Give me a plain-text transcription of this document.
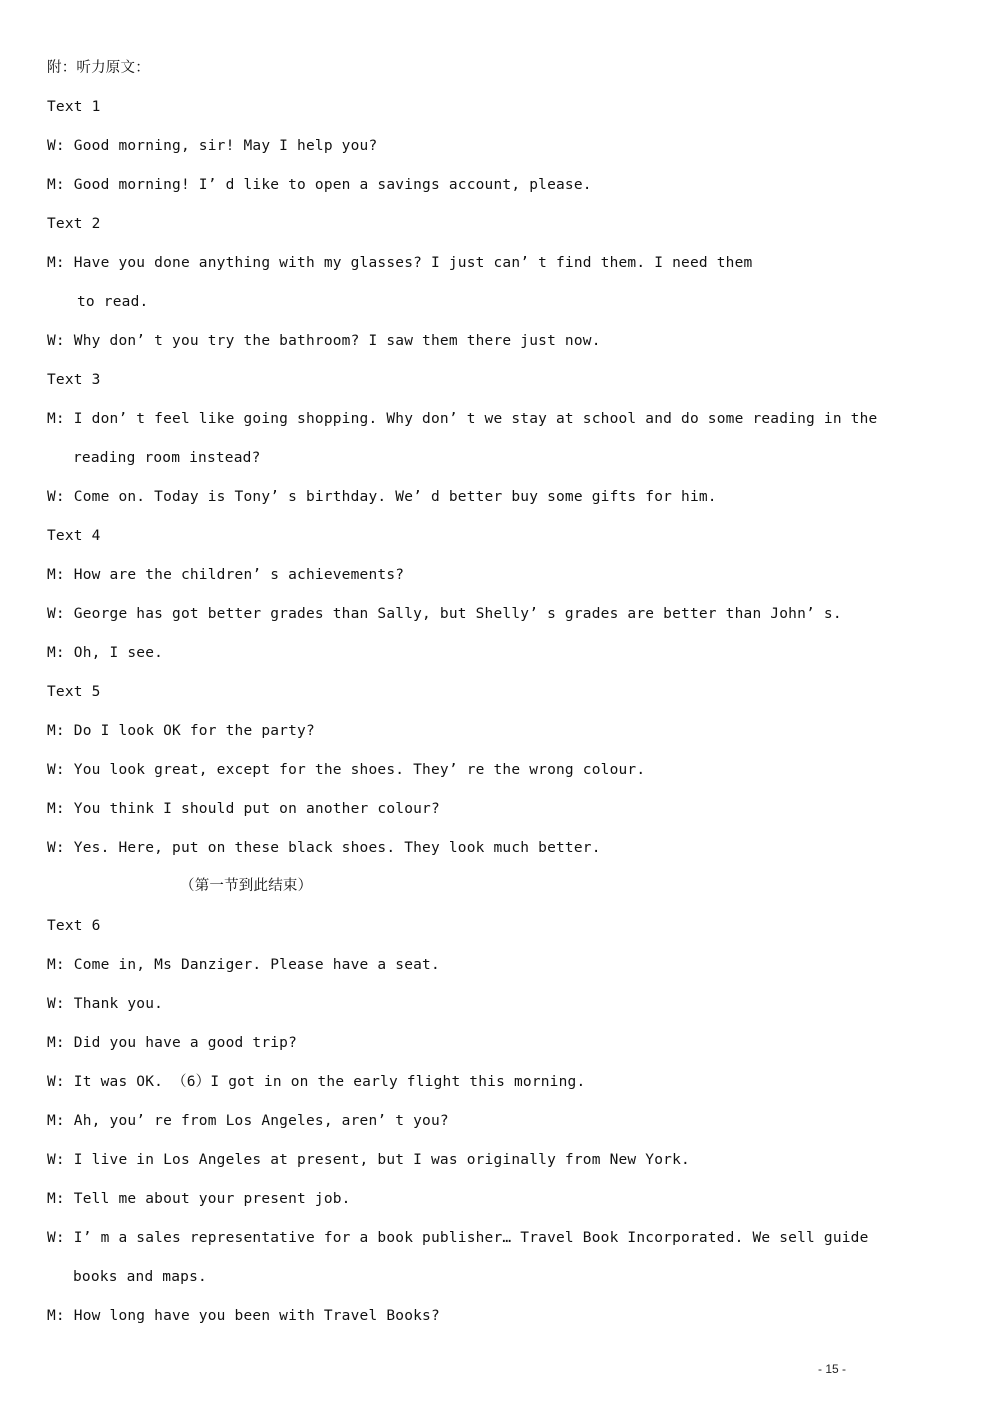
附：听力原文：

Text 1

W: Good morning, sir! May I help you?

M: Good morning! I’ d like to open a savings account, please.

Text 2

M: Have you done anything with my glasses? I just can’ t find them. I need them

to read.

W: Why don’ t you try the bathroom? I saw them there just now.

Text 3

M: I don’ t feel like going shopping. Why don’ t we stay at school and do some reading in the

reading room instead?

W: Come on. Today is Tony’ s birthday. We’ d better buy some gifts for him.

Text 4

M: How are the children’ s achievements?

W: George has got better grades than Sally, but Shelly’ s grades are better than John’ s.

M: Oh, I see.

Text 5

M: Do I look OK for the party?

W: You look great, except for the shoes. They’ re the wrong colour.

M: You think I should put on another colour?

W: Yes. Here, put on these black shoes. They look much better.

（第一节到此结束）

Text 6

M: Come in, Ms Danziger. Please have a seat.

W: Thank you.

M: Did you have a good trip?

W: It was OK. （6）I got in on the early flight this morning.

M: Ah, you’ re from Los Angeles, aren’ t you?

W: I live in Los Angeles at present, but I was originally from New York.

M: Tell me about your present job.

W: I’ m a sales representative for a book publisher… Travel Book Incorporated. We sell guide

books and maps.

M: How long have you been with Travel Books?

- 15 -
